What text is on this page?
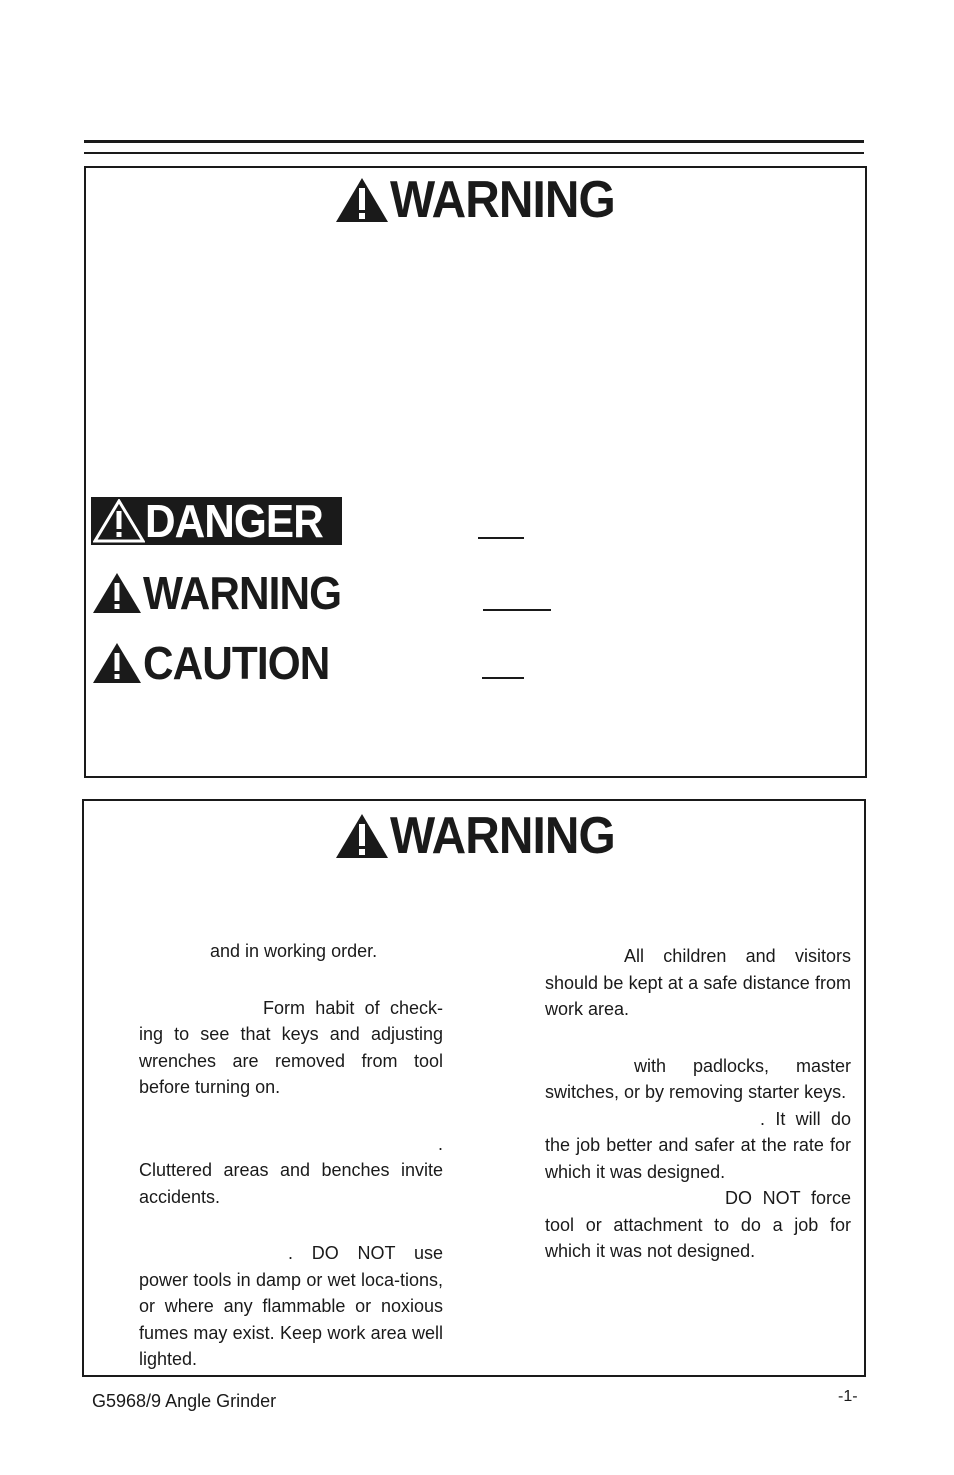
WARNING
DANGER
WARNING
CAUTION
WARNING

and in working order.

Form habit of check-ing to see that keys and adjusting wrenches are removed from tool before turning on.

.

Cluttered areas and benches invite accidents.

. DO NOT use power tools in damp or wet loca-tions, or where any flammable or noxious fumes may exist. Keep work area well lighted.

All children and visitors should be kept at a safe distance from work area.

with padlocks, master switches, or by removing starter keys.

. It will do the job better and safer at the rate for which it was designed.

DO NOT force tool or attachment to do a job for which it was not designed.

G5968/9 Angle Grinder	-1-
